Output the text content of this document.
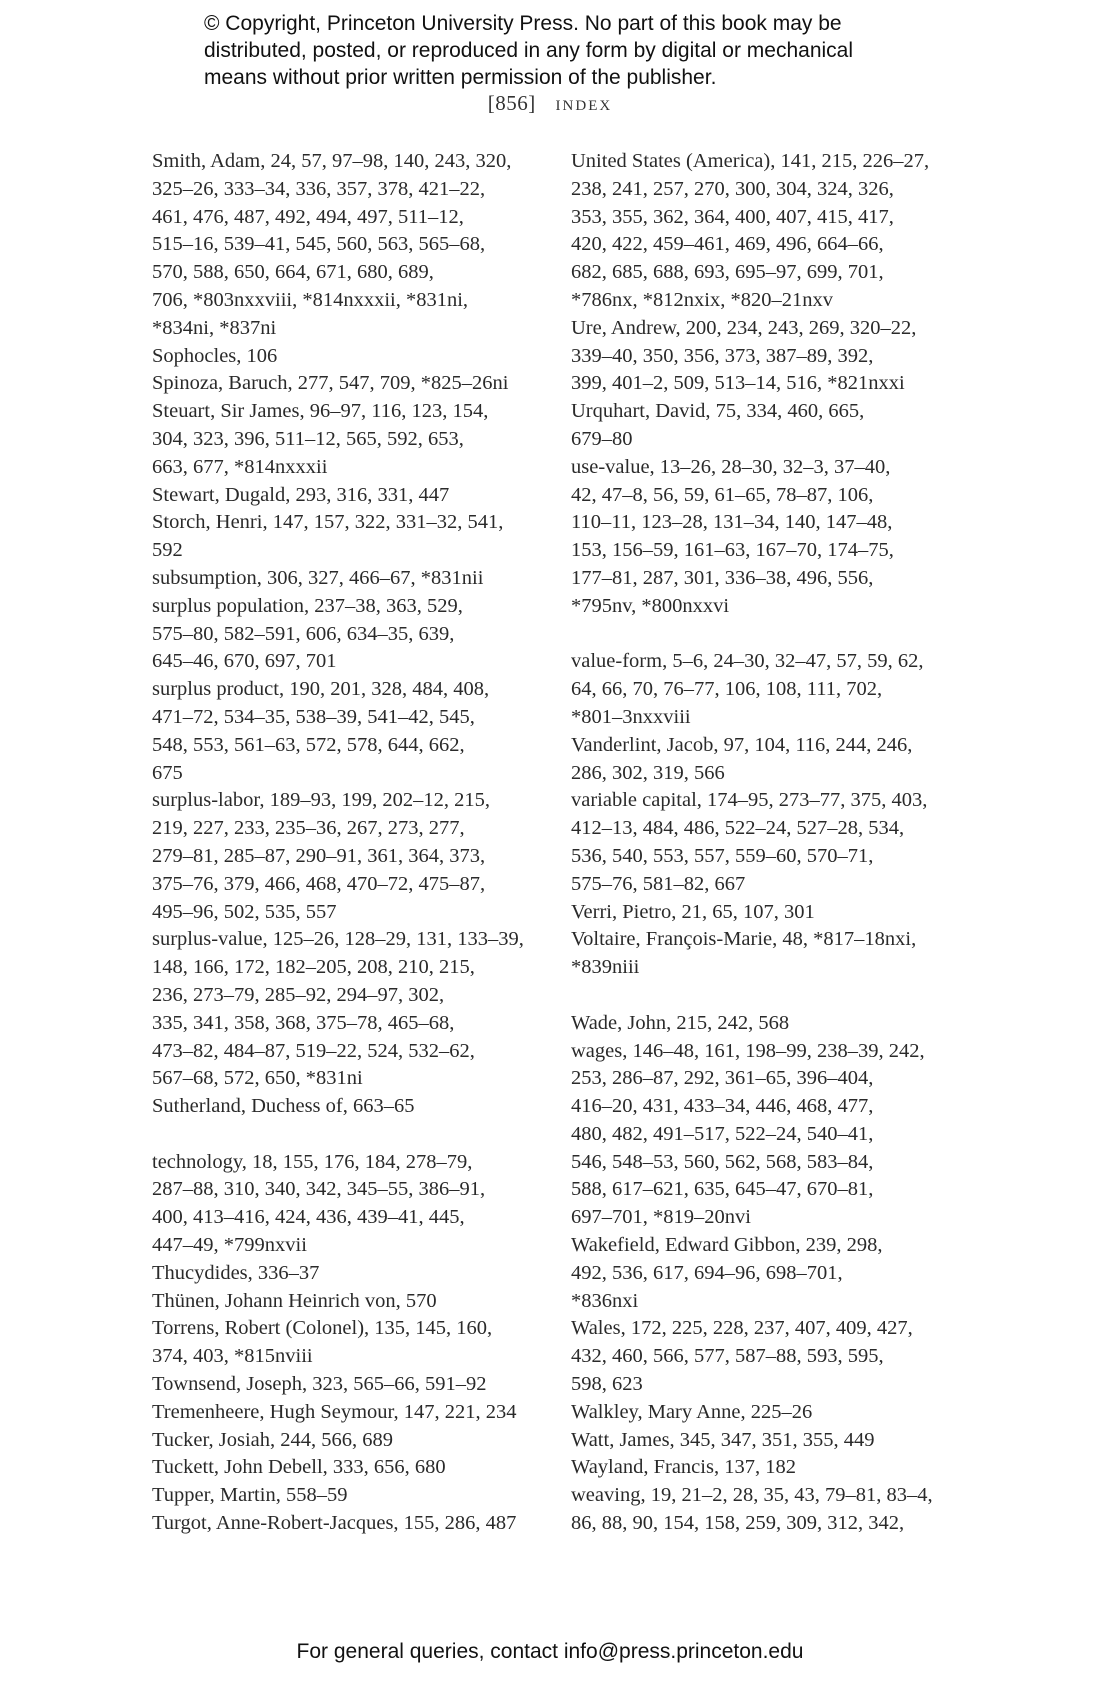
© Copyright, Princeton University Press. No part of this book may be
distributed, posted, or reproduced in any form by digital or mechanical
means without prior written permission of the publisher.
[856] index
Smith, Adam, 24, 57, 97–98, 140, 243, 320,
325–26, 333–34, 336, 357, 378, 421–22,
461, 476, 487, 492, 494, 497, 511–12,
515–16, 539–41, 545, 560, 563, 565–68,
570, 588, 650, 664, 671, 680, 689,
706, *803nxxviii, *814nxxxii, *831ni,
*834ni, *837ni
Sophocles, 106
Spinoza, Baruch, 277, 547, 709, *825–26ni
Steuart, Sir James, 96–97, 116, 123, 154,
304, 323, 396, 511–12, 565, 592, 653,
663, 677, *814nxxxii
Stewart, Dugald, 293, 316, 331, 447
Storch, Henri, 147, 157, 322, 331–32, 541,
592
subsumption, 306, 327, 466–67, *831nii
surplus population, 237–38, 363, 529,
575–80, 582–591, 606, 634–35, 639,
645–46, 670, 697, 701
surplus product, 190, 201, 328, 484, 408,
471–72, 534–35, 538–39, 541–42, 545,
548, 553, 561–63, 572, 578, 644, 662,
675
surplus-labor, 189–93, 199, 202–12, 215,
219, 227, 233, 235–36, 267, 273, 277,
279–81, 285–87, 290–91, 361, 364, 373,
375–76, 379, 466, 468, 470–72, 475–87,
495–96, 502, 535, 557
surplus-value, 125–26, 128–29, 131, 133–39,
148, 166, 172, 182–205, 208, 210, 215,
236, 273–79, 285–92, 294–97, 302,
335, 341, 358, 368, 375–78, 465–68,
473–82, 484–87, 519–22, 524, 532–62,
567–68, 572, 650, *831ni
Sutherland, Duchess of, 663–65
technology, 18, 155, 176, 184, 278–79,
287–88, 310, 340, 342, 345–55, 386–91,
400, 413–416, 424, 436, 439–41, 445,
447–49, *799nxvii
Thucydides, 336–37
Thünen, Johann Heinrich von, 570
Torrens, Robert (Colonel), 135, 145, 160,
374, 403, *815nviii
Townsend, Joseph, 323, 565–66, 591–92
Tremenheere, Hugh Seymour, 147, 221, 234
Tucker, Josiah, 244, 566, 689
Tuckett, John Debell, 333, 656, 680
Tupper, Martin, 558–59
Turgot, Anne-Robert-Jacques, 155, 286, 487
United States (America), 141, 215, 226–27,
238, 241, 257, 270, 300, 304, 324, 326,
353, 355, 362, 364, 400, 407, 415, 417,
420, 422, 459–461, 469, 496, 664–66,
682, 685, 688, 693, 695–97, 699, 701,
*786nx, *812nxix, *820–21nxv
Ure, Andrew, 200, 234, 243, 269, 320–22,
339–40, 350, 356, 373, 387–89, 392,
399, 401–2, 509, 513–14, 516, *821nxxi
Urquhart, David, 75, 334, 460, 665,
679–80
use-value, 13–26, 28–30, 32–3, 37–40,
42, 47–8, 56, 59, 61–65, 78–87, 106,
110–11, 123–28, 131–34, 140, 147–48,
153, 156–59, 161–63, 167–70, 174–75,
177–81, 287, 301, 336–38, 496, 556,
*795nv, *800nxxvi
value-form, 5–6, 24–30, 32–47, 57, 59, 62,
64, 66, 70, 76–77, 106, 108, 111, 702,
*801–3nxxviii
Vanderlint, Jacob, 97, 104, 116, 244, 246,
286, 302, 319, 566
variable capital, 174–95, 273–77, 375, 403,
412–13, 484, 486, 522–24, 527–28, 534,
536, 540, 553, 557, 559–60, 570–71,
575–76, 581–82, 667
Verri, Pietro, 21, 65, 107, 301
Voltaire, François-Marie, 48, *817–18nxi,
*839niii
Wade, John, 215, 242, 568
wages, 146–48, 161, 198–99, 238–39, 242,
253, 286–87, 292, 361–65, 396–404,
416–20, 431, 433–34, 446, 468, 477,
480, 482, 491–517, 522–24, 540–41,
546, 548–53, 560, 562, 568, 583–84,
588, 617–621, 635, 645–47, 670–81,
697–701, *819–20nvi
Wakefield, Edward Gibbon, 239, 298,
492, 536, 617, 694–96, 698–701,
*836nxi
Wales, 172, 225, 228, 237, 407, 409, 427,
432, 460, 566, 577, 587–88, 593, 595,
598, 623
Walkley, Mary Anne, 225–26
Watt, James, 345, 347, 351, 355, 449
Wayland, Francis, 137, 182
weaving, 19, 21–2, 28, 35, 43, 79–81, 83–4,
86, 88, 90, 154, 158, 259, 309, 312, 342,
For general queries, contact info@press.princeton.edu
